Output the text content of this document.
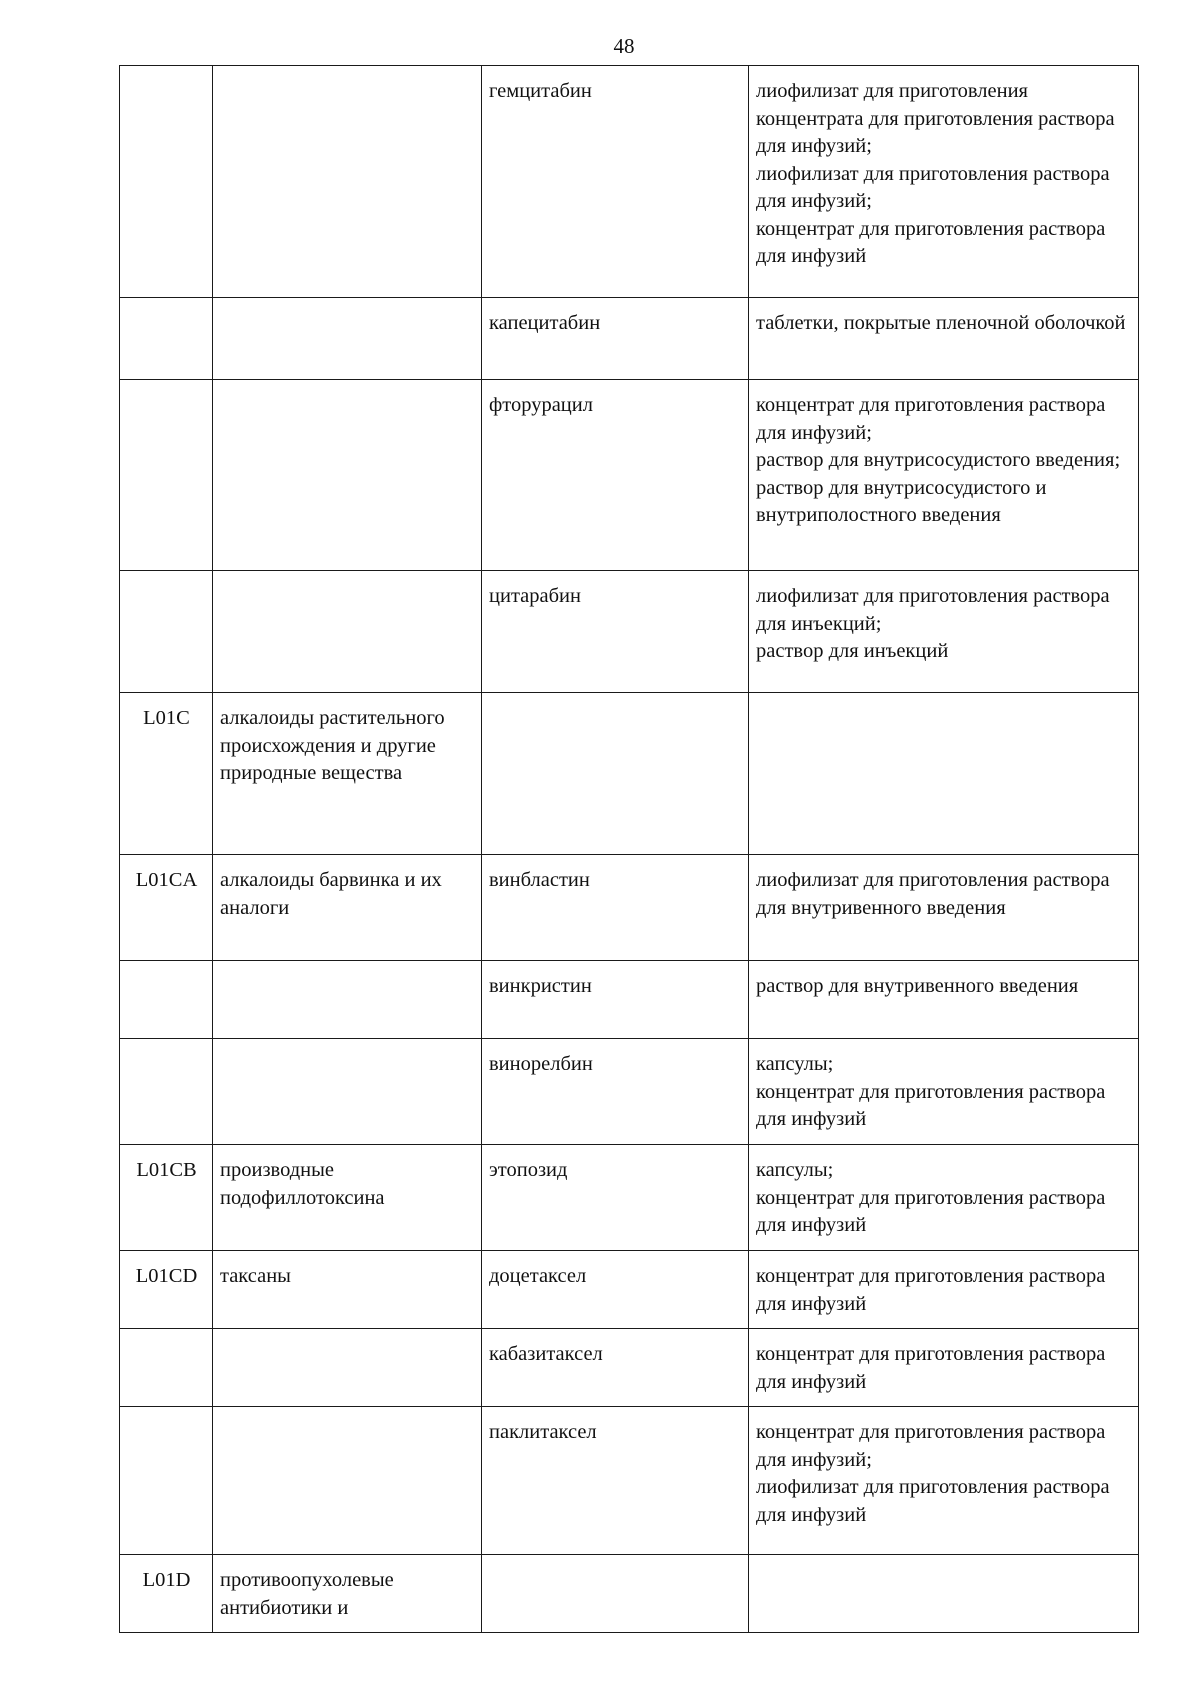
48
		гемцитабин	лиофилизат для приготовления концентрата для приготовления раствора для инфузий;
лиофилизат для приготовления раствора для инфузий;
концентрат для приготовления раствора для инфузий
		капецитабин	таблетки, покрытые пленочной оболочкой
		фторурацил	концентрат для приготовления раствора для инфузий;
раствор для внутрисосудистого введения;
раствор для внутрисосудистого и внутриполостного введения
		цитарабин	лиофилизат для приготовления раствора для инъекций;
раствор для инъекций
L01C	алкалоиды растительного происхождения и другие природные вещества		
L01CA	алкалоиды барвинка и их аналоги	винбластин	лиофилизат для приготовления раствора для внутривенного введения
		винкристин	раствор для внутривенного введения
		винорелбин	капсулы;
концентрат для приготовления раствора для инфузий
L01CB	производные подофиллотоксина	этопозид	капсулы;
концентрат для приготовления раствора для инфузий
L01CD	таксаны	доцетаксел	концентрат для приготовления раствора для инфузий
		кабазитаксел	концентрат для приготовления раствора для инфузий
		паклитаксел	концентрат для приготовления раствора для инфузий;
лиофилизат для приготовления раствора для инфузий
L01D	противоопухолевые антибиотики и		
